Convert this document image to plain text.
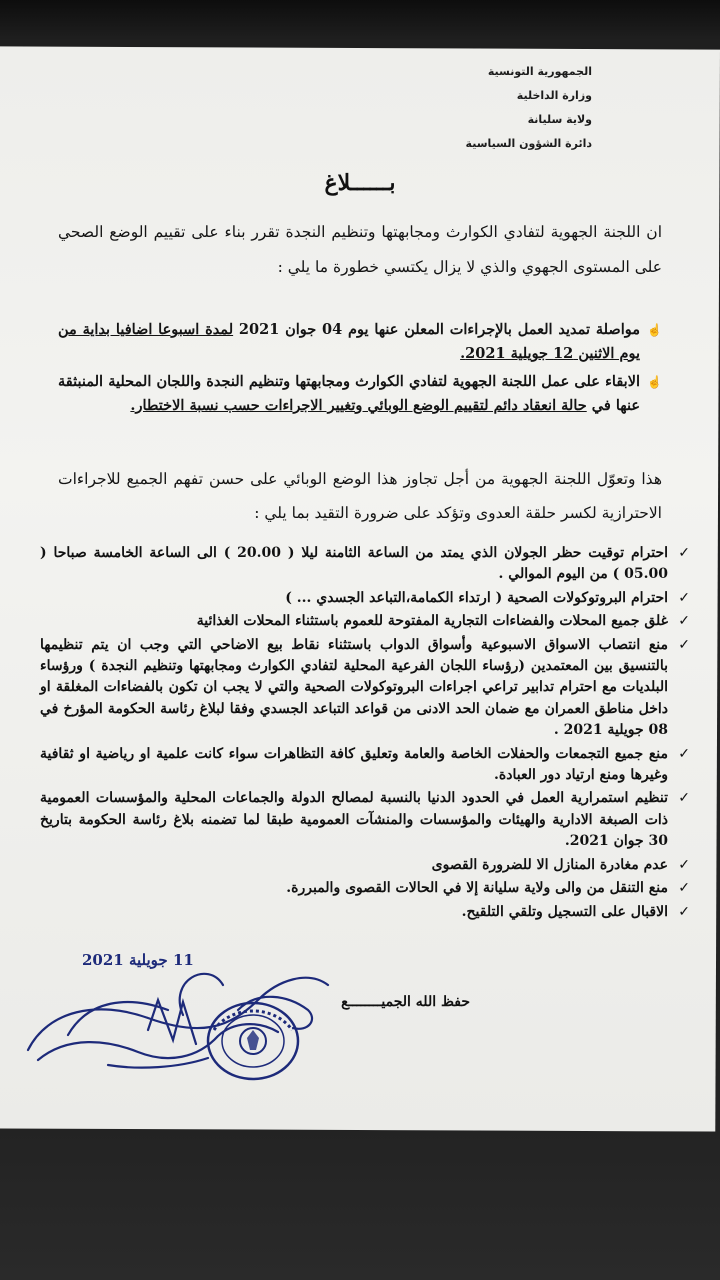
الجمهورية التونسية
وزارة الداخلية
ولاية سليانة
دائرة الشؤون السياسية
بــــــلاغ
ان اللجنة الجهوية لتفادي الكوارث ومجابهتها وتنظيم النجدة تقرر بناء على تقييم الوضع الصحي على المستوى الجهوي والذي لا يزال يكتسي خطورة ما يلي :
☝
مواصلة تمديد العمل بالإجراءات المعلن عنها يوم 04 جوان 2021 لمدة اسبوعا اضافيا بداية من يوم الاثنين 12 جويلية 2021.
☝
الابقاء على عمل اللجنة الجهوية لتفادي الكوارث ومجابهتها وتنظيم النجدة واللجان المحلية المنبثقة عنها في حالة انعقاد دائم لتقييم الوضع الوبائي وتغيير الاجراءات حسب نسبة الاختطار.
هذا وتعوّل اللجنة الجهوية من أجل تجاوز هذا الوضع الوبائي على حسن تفهم الجميع للاجراءات الاحترازية لكسر حلقة العدوى وتؤكد على ضرورة التقيد بما يلي :
✓
احترام توقيت حظر الجولان الذي يمتد من الساعة الثامنة ليلا ( 20.00 ) الى الساعة الخامسة صباحا ( 05.00 ) من اليوم الموالي .
✓
احترام البروتوكولات الصحية ( ارتداء الكمامة،التباعد الجسدي ... )
✓
غلق جميع المحلات والفضاءات التجارية المفتوحة للعموم باستثناء المحلات الغذائية
✓
منع انتصاب الاسواق الاسبوعية وأسواق الدواب باستثناء نقاط بيع الاضاحي التي وجب ان يتم تنظيمها بالتنسيق بين المعتمدين (رؤساء اللجان الفرعية المحلية لتفادي الكوارث ومجابهتها وتنظيم النجدة ) ورؤساء البلديات مع احترام تدابير تراعي اجراءات البروتوكولات الصحية والتي لا يجب ان تكون بالفضاءات المغلقة او داخل مناطق العمران مع ضمان الحد الادنى من قواعد التباعد الجسدي وفقا لبلاغ رئاسة الحكومة المؤرخ في 08 جويلية 2021 .
✓
منع جميع التجمعات والحفلات الخاصة والعامة وتعليق كافة التظاهرات سواء كانت علمية او رياضية او ثقافية وغيرها ومنع ارتياد دور العبادة.
✓
تنظيم استمرارية العمل في الحدود الدنيا بالنسبة لمصالح الدولة والجماعات المحلية والمؤسسات العمومية ذات الصبغة الادارية والهيئات والمؤسسات والمنشآت العمومية طبقا لما تضمنه بلاغ رئاسة الحكومة بتاريخ 30 جوان 2021.
✓
عدم مغادرة المنازل الا للضرورة القصوى
✓
منع التنقل من والى ولاية سليانة إلا في الحالات القصوى والمبررة.
✓
الاقبال على التسجيل وتلقي التلقيح.
11 جويلية 2021
حفظ الله الجميــــــــع
